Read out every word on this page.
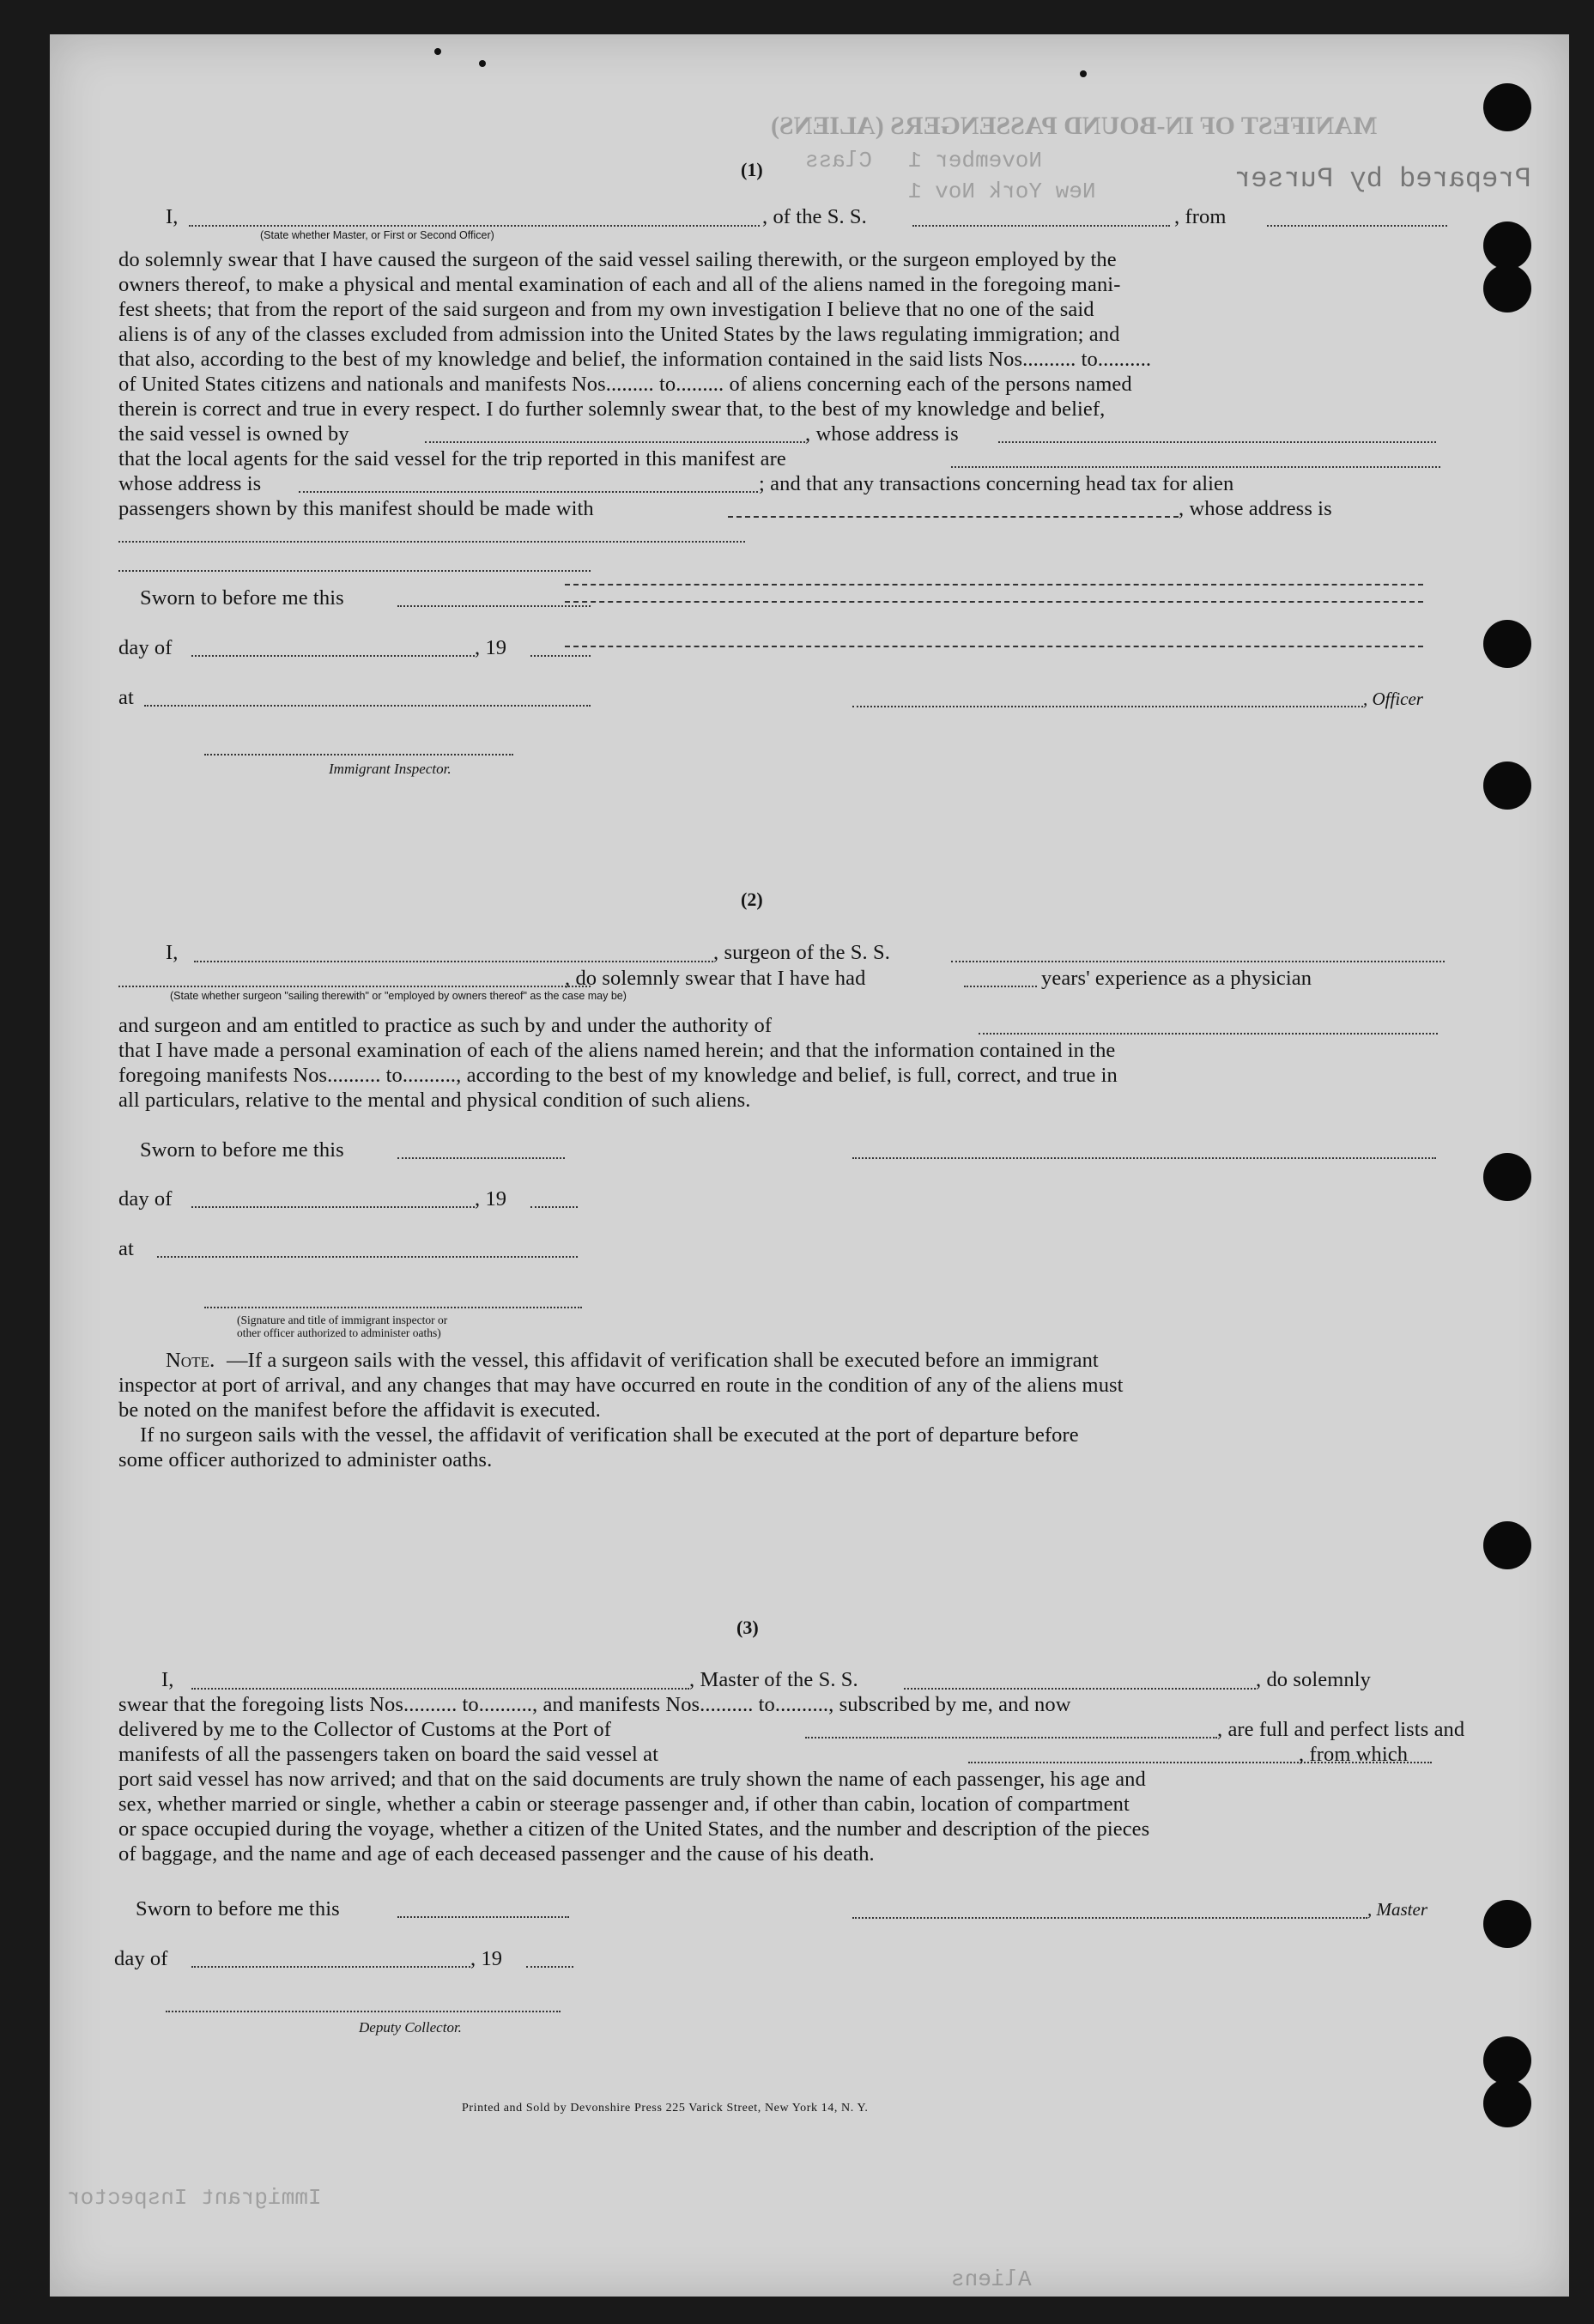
MANIFEST OF IN-BOUND PASSENGERS (ALIENS)
Class November 1
New York Nov 1
Aliens
Immigrant Inspector
Prepared by Purser
(1)
I,	, of the S. S.	, from
(State whether Master, or First or Second Officer)
do solemnly swear that I have caused the surgeon of the said vessel sailing therewith, or the surgeon employed by the
owners thereof, to make a physical and mental examination of each and all of the aliens named in the foregoing mani-
fest sheets; that from the report of the said surgeon and from my own investigation I believe that no one of the said
aliens is of any of the classes excluded from admission into the United States by the laws regulating immigration; and
that also, according to the best of my knowledge and belief, the information contained in the said lists Nos.......... to..........
of United States citizens and nationals and manifests Nos......... to......... of aliens concerning each of the persons named
therein is correct and true in every respect. I do further solemnly swear that, to the best of my knowledge and belief,
the said vessel is owned by	, whose address is
that the local agents for the said vessel for the trip reported in this manifest are
whose address is	; and that any transactions concerning head tax for alien
passengers shown by this manifest should be made with	, whose address is
Sworn to before me this
day of	, 19
at	, Officer
Immigrant Inspector.
(2)
I,	, surgeon of the S. S.
, do solemnly swear that I have had	years' experience as a physician
(State whether surgeon "sailing therewith" or "employed by owners thereof" as the case may be)
and surgeon and am entitled to practice as such by and under the authority of
that I have made a personal examination of each of the aliens named herein; and that the information contained in the
foregoing manifests Nos.......... to.........., according to the best of my knowledge and belief, is full, correct, and true in
all particulars, relative to the mental and physical condition of such aliens.
Sworn to before me this
day of	, 19
at
(Signature and title of immigrant inspector or
other officer authorized to administer oaths)
Note. —If a surgeon sails with the vessel, this affidavit of verification shall be executed before an immigrant
inspector at port of arrival, and any changes that may have occurred en route in the condition of any of the aliens must
be noted on the manifest before the affidavit is executed.
If no surgeon sails with the vessel, the affidavit of verification shall be executed at the port of departure before
some officer authorized to administer oaths.
(3)
I,	, Master of the S. S.	, do solemnly
swear that the foregoing lists Nos.......... to.........., and manifests Nos.......... to.........., subscribed by me, and now
delivered by me to the Collector of Customs at the Port of	, are full and perfect lists and
manifests of all the passengers taken on board the said vessel at	, from which
port said vessel has now arrived; and that on the said documents are truly shown the name of each passenger, his age and
sex, whether married or single, whether a cabin or steerage passenger and, if other than cabin, location of compartment
or space occupied during the voyage, whether a citizen of the United States, and the number and description of the pieces
of baggage, and the name and age of each deceased passenger and the cause of his death.
Sworn to before me this	, Master
day of	, 19
Deputy Collector.
Printed and Sold by Devonshire Press 225 Varick Street, New York 14, N. Y.
